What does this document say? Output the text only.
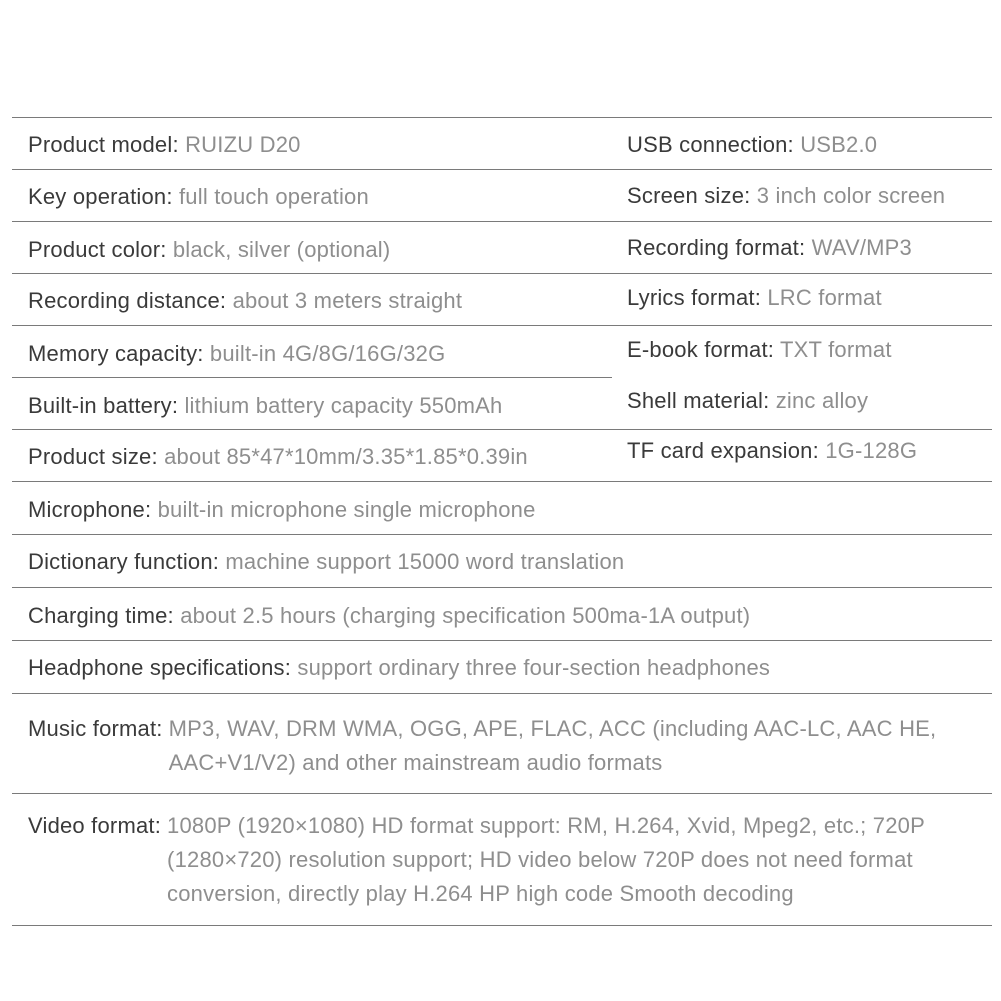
Product model: RUIZU D20	USB connection: USB2.0
Key operation: full touch operation	Screen size: 3 inch color screen
Product color: black, silver (optional)	Recording format: WAV/MP3
Recording distance: about 3 meters straight	Lyrics format: LRC format
Memory capacity: built-in 4G/8G/16G/32G	E-book format: TXT format
Built-in battery: lithium battery capacity 550mAh	Shell material: zinc alloy
Product size: about 85*47*10mm/3.35*1.85*0.39in	TF card expansion: 1G-128G
Microphone: built-in microphone single microphone
Dictionary function: machine support 15000 word translation
Charging time: about 2.5 hours (charging specification 500ma-1A output)
Headphone specifications: support ordinary three four-section headphones
Music format: MP3, WAV, DRM WMA, OGG, APE, FLAC, ACC (including AAC-LC, AAC HE, AAC+V1/V2) and other mainstream audio formats
Video format: 1080P (1920×1080) HD format support: RM, H.264, Xvid, Mpeg2, etc.; 720P (1280×720) resolution support; HD video below 720P does not need format conversion, directly play H.264 HP high code Smooth decoding
